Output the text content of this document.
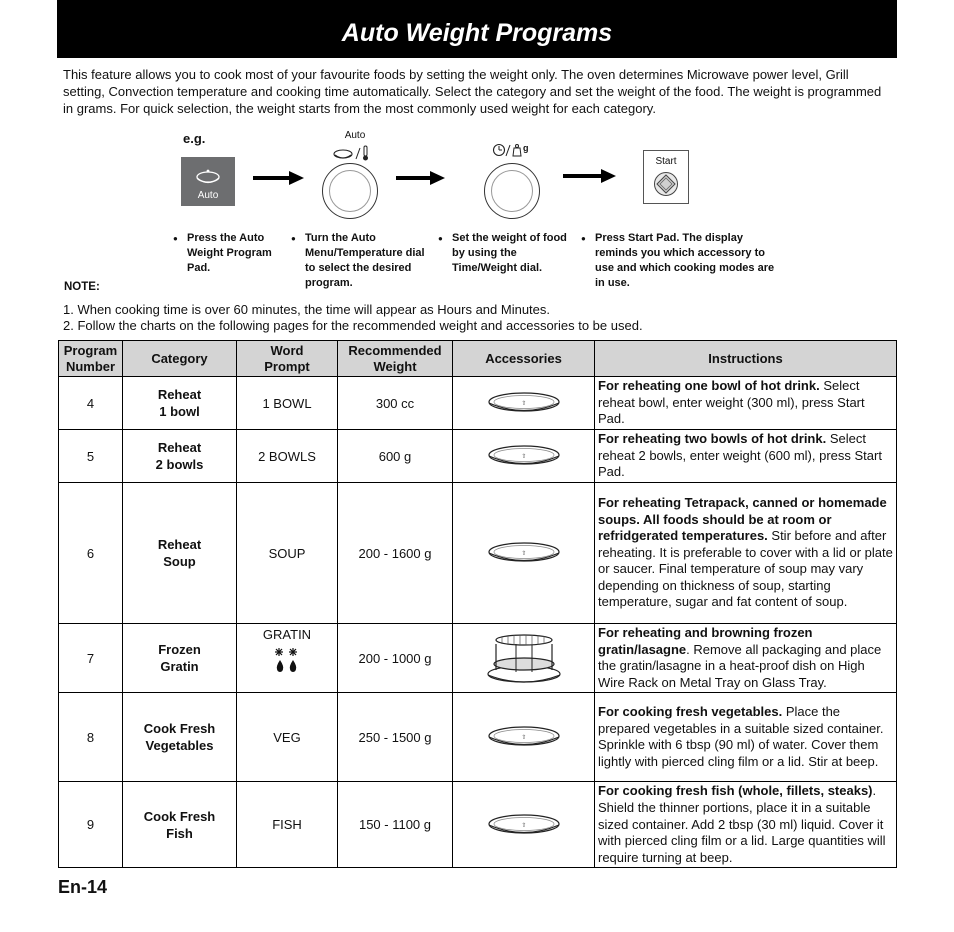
Auto Weight Programs

This feature allows you to cook most of your favourite foods by setting the weight only. The oven determines Microwave power level, Grill setting, Convection temperature and cooking time automatically. Select the category and set the weight of the food. The weight is programmed in grams. For quick selection, the weight starts from the most commonly used weight for each category.

e.g.
Auto
Auto
g
Start
● Press the Auto Weight Program Pad.
● Turn the Auto Menu/Temperature dial to select the desired program.
● Set the weight of food by using the Time/Weight dial.
● Press Start Pad. The display reminds you which accessory to use and which cooking modes are in use.
NOTE:
1. When cooking time is over 60 minutes, the time will appear as Hours and Minutes.
2. Follow the charts on the following pages for the recommended weight and accessories to be used.
Program
Number	Category	Word
Prompt	Recommended
Weight	Accessories	Instructions
4	Reheat
1 bowl	1 BOWL	300 cc	⇧	For reheating one bowl of hot drink. Select reheat bowl, enter weight (300 ml), press Start Pad.
5	Reheat
2 bowls	2 BOWLS	600 g	⇧	For reheating two bowls of hot drink. Select reheat 2 bowls, enter weight (600 ml), press Start Pad.
6	Reheat
Soup	SOUP	200 - 1600 g	⇧	For reheating Tetrapack, canned or homemade soups. All foods should be at room or refridgerated temperatures. Stir before and after reheating. It is preferable to cover with a lid or plate or saucer. Final temperature of soup may vary depending on thickness of soup, starting temperature, sugar and fat content of soup.
7	Frozen
Gratin	GRATIN	200 - 1000 g		For reheating and browning frozen gratin/lasagne. Remove all packaging and place the gratin/lasagne in a heat-proof dish on High Wire Rack on Metal Tray on Glass Tray.
8	Cook Fresh
Vegetables	VEG	250 - 1500 g	⇧	For cooking fresh vegetables. Place the prepared vegetables in a suitable sized container. Sprinkle with 6 tbsp (90 ml) of water. Cover them lightly with pierced cling film or a lid. Stir at beep.
9	Cook Fresh
Fish	FISH	150 - 1100 g	⇧	For cooking fresh fish (whole, fillets, steaks). Shield the thinner portions, place it in a suitable sized container. Add 2 tbsp (30 ml) liquid. Cover it with pierced cling film or a lid. Large quantities will require turning at beep.
En-14
